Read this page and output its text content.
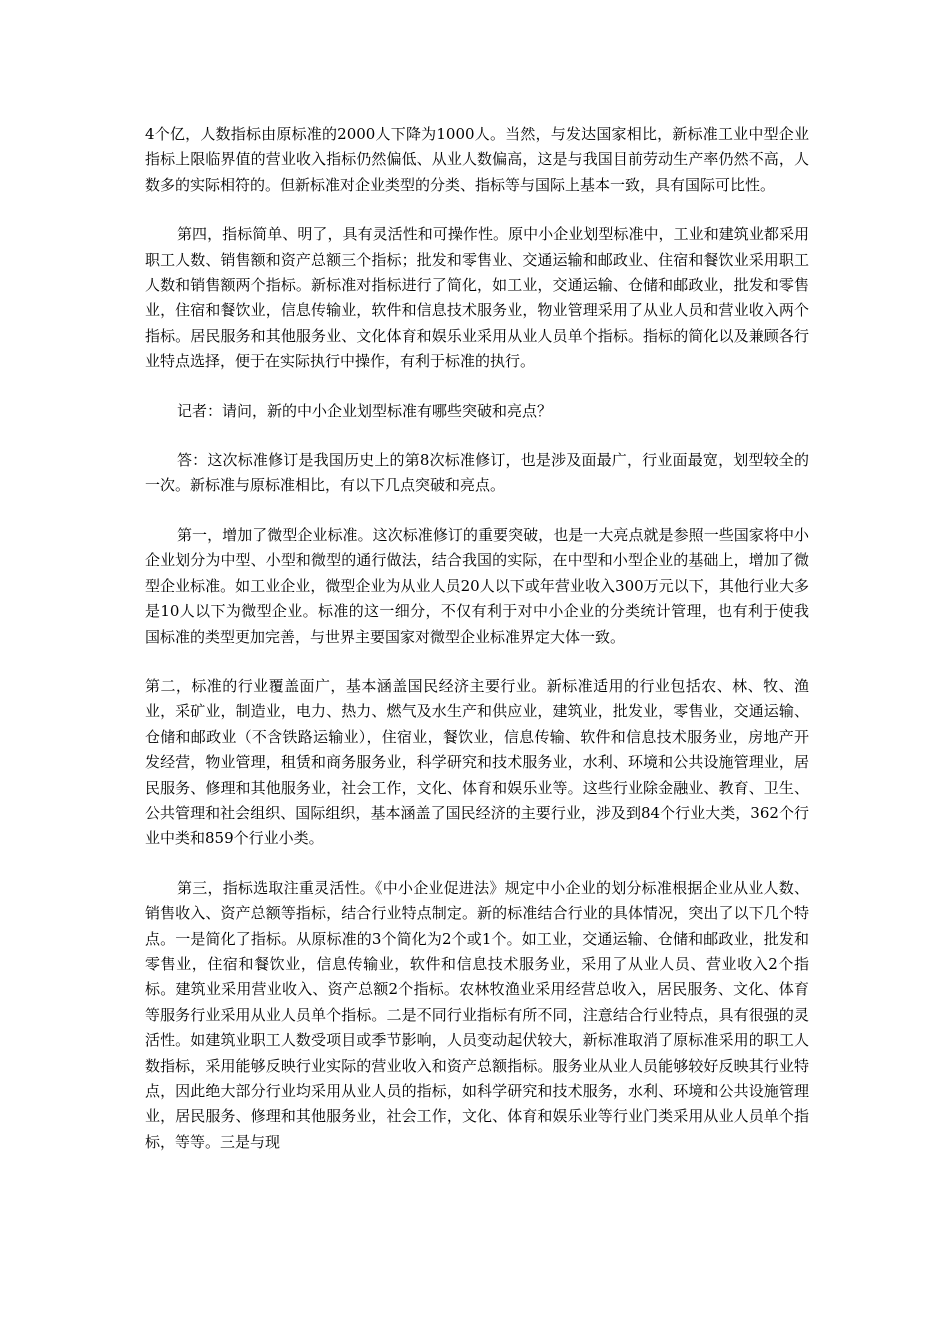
4个亿，人数指标由原标准的2000人下降为1000人。当然，与发达国家相比，新标准工业中型企业指标上限临界值的营业收入指标仍然偏低、从业人数偏高，这是与我国目前劳动生产率仍然不高，人数多的实际相符的。但新标准对企业类型的分类、指标等与国际上基本一致，具有国际可比性。

第四，指标简单、明了，具有灵活性和可操作性。原中小企业划型标准中，工业和建筑业都采用职工人数、销售额和资产总额三个指标；批发和零售业、交通运输和邮政业、住宿和餐饮业采用职工人数和销售额两个指标。新标准对指标进行了简化，如工业，交通运输、仓储和邮政业，批发和零售业，住宿和餐饮业，信息传输业，软件和信息技术服务业，物业管理采用了从业人员和营业收入两个指标。居民服务和其他服务业、文化体育和娱乐业采用从业人员单个指标。指标的简化以及兼顾各行业特点选择，便于在实际执行中操作，有利于标准的执行。

记者：请问，新的中小企业划型标准有哪些突破和亮点？

答：这次标准修订是我国历史上的第8次标准修订，也是涉及面最广，行业面最宽，划型较全的一次。新标准与原标准相比，有以下几点突破和亮点。

第一，增加了微型企业标准。这次标准修订的重要突破，也是一大亮点就是参照一些国家将中小企业划分为中型、小型和微型的通行做法，结合我国的实际，在中型和小型企业的基础上，增加了微型企业标准。如工业企业，微型企业为从业人员20人以下或年营业收入300万元以下，其他行业大多是10人以下为微型企业。标准的这一细分，不仅有利于对中小企业的分类统计管理，也有利于使我国标准的类型更加完善，与世界主要国家对微型企业标准界定大体一致。

第二，标准的行业覆盖面广，基本涵盖国民经济主要行业。新标准适用的行业包括农、林、牧、渔业，采矿业，制造业，电力、热力、燃气及水生产和供应业，建筑业，批发业，零售业，交通运输、仓储和邮政业（不含铁路运输业），住宿业，餐饮业，信息传输、软件和信息技术服务业，房地产开发经营，物业管理，租赁和商务服务业，科学研究和技术服务业，水利、环境和公共设施管理业，居民服务、修理和其他服务业，社会工作，文化、体育和娱乐业等。这些行业除金融业、教育、卫生、公共管理和社会组织、国际组织，基本涵盖了国民经济的主要行业，涉及到84个行业大类，362个行业中类和859个行业小类。

第三，指标选取注重灵活性。《中小企业促进法》规定中小企业的划分标准根据企业从业人数、销售收入、资产总额等指标，结合行业特点制定。新的标准结合行业的具体情况，突出了以下几个特点。一是简化了指标。从原标准的3个简化为2个或1个。如工业，交通运输、仓储和邮政业，批发和零售业，住宿和餐饮业，信息传输业，软件和信息技术服务业，采用了从业人员、营业收入2个指标。建筑业采用营业收入、资产总额2个指标。农林牧渔业采用经营总收入，居民服务、文化、体育等服务行业采用从业人员单个指标。二是不同行业指标有所不同，注意结合行业特点，具有很强的灵活性。如建筑业职工人数受项目或季节影响，人员变动起伏较大，新标准取消了原标准采用的职工人数指标，采用能够反映行业实际的营业收入和资产总额指标。服务业从业人员能够较好反映其行业特点，因此绝大部分行业均采用从业人员的指标，如科学研究和技术服务，水利、环境和公共设施管理业，居民服务、修理和其他服务业，社会工作，文化、体育和娱乐业等行业门类采用从业人员单个指标，等等。三是与现
